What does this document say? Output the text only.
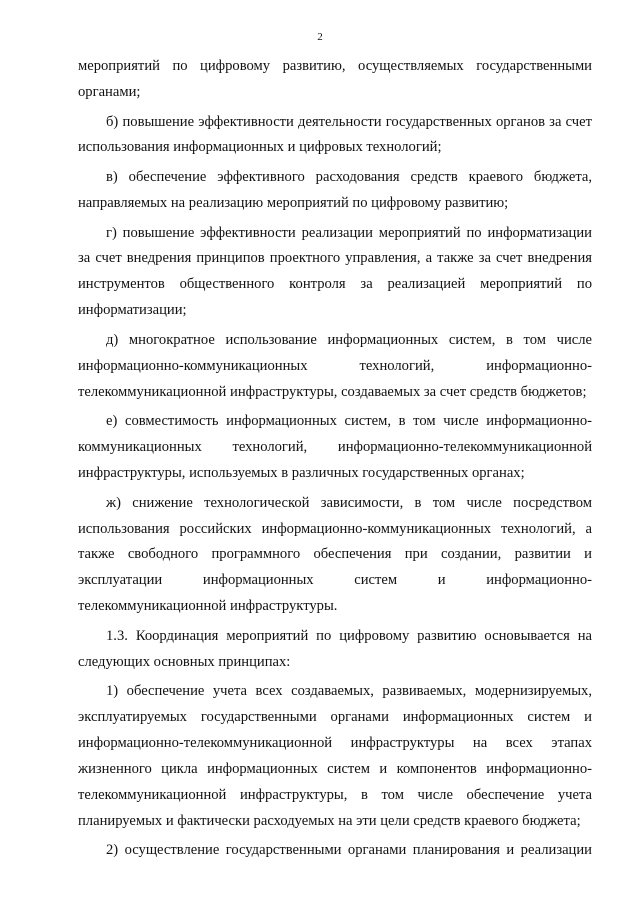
2

мероприятий по цифровому развитию, осуществляемых государственными органами;

б) повышение эффективности деятельности государственных органов за счет использования информационных и цифровых технологий;

в) обеспечение эффективного расходования средств краевого бюджета, направляемых на реализацию мероприятий по цифровому развитию;

г) повышение эффективности реализации мероприятий по информатизации за счет внедрения принципов проектного управления, а также за счет внедрения инструментов общественного контроля за реализацией мероприятий по информатизации;

д) многократное использование информационных систем, в том числе информационно-коммуникационных технологий, информационно-телекоммуникационной инфраструктуры, создаваемых за счет средств бюджетов;

е) совместимость информационных систем, в том числе информационно-коммуникационных технологий, информационно-телекоммуникационной инфраструктуры, используемых в различных государственных органах;

ж) снижение технологической зависимости, в том числе посредством использования российских информационно-коммуникационных технологий, а также свободного программного обеспечения при создании, развитии и эксплуатации информационных систем и информационно-телекоммуникационной инфраструктуры.

1.3. Координация мероприятий по цифровому развитию основывается на следующих основных принципах:

1) обеспечение учета всех создаваемых, развиваемых, модернизируемых, эксплуатируемых государственными органами информационных систем и информационно-телекоммуникационной инфраструктуры на всех этапах жизненного цикла информационных систем и компонентов информационно-телекоммуникационной инфраструктуры, в том числе обеспечение учета планируемых и фактически расходуемых на эти цели средств краевого бюджета;

2) осуществление государственными органами планирования и реализации
